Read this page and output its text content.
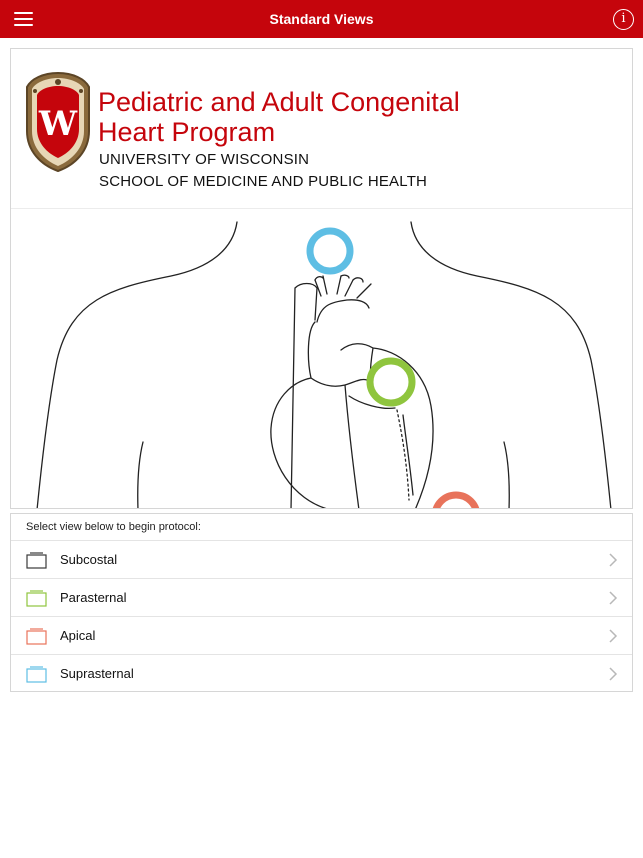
Standard Views	i
W
Pediatric and Adult Congenital
Heart Program
UNIVERSITY OF WISCONSIN
SCHOOL OF MEDICINE AND PUBLIC HEALTH
Select view below to begin protocol:
Subcostal
Parasternal
Apical
Suprasternal
